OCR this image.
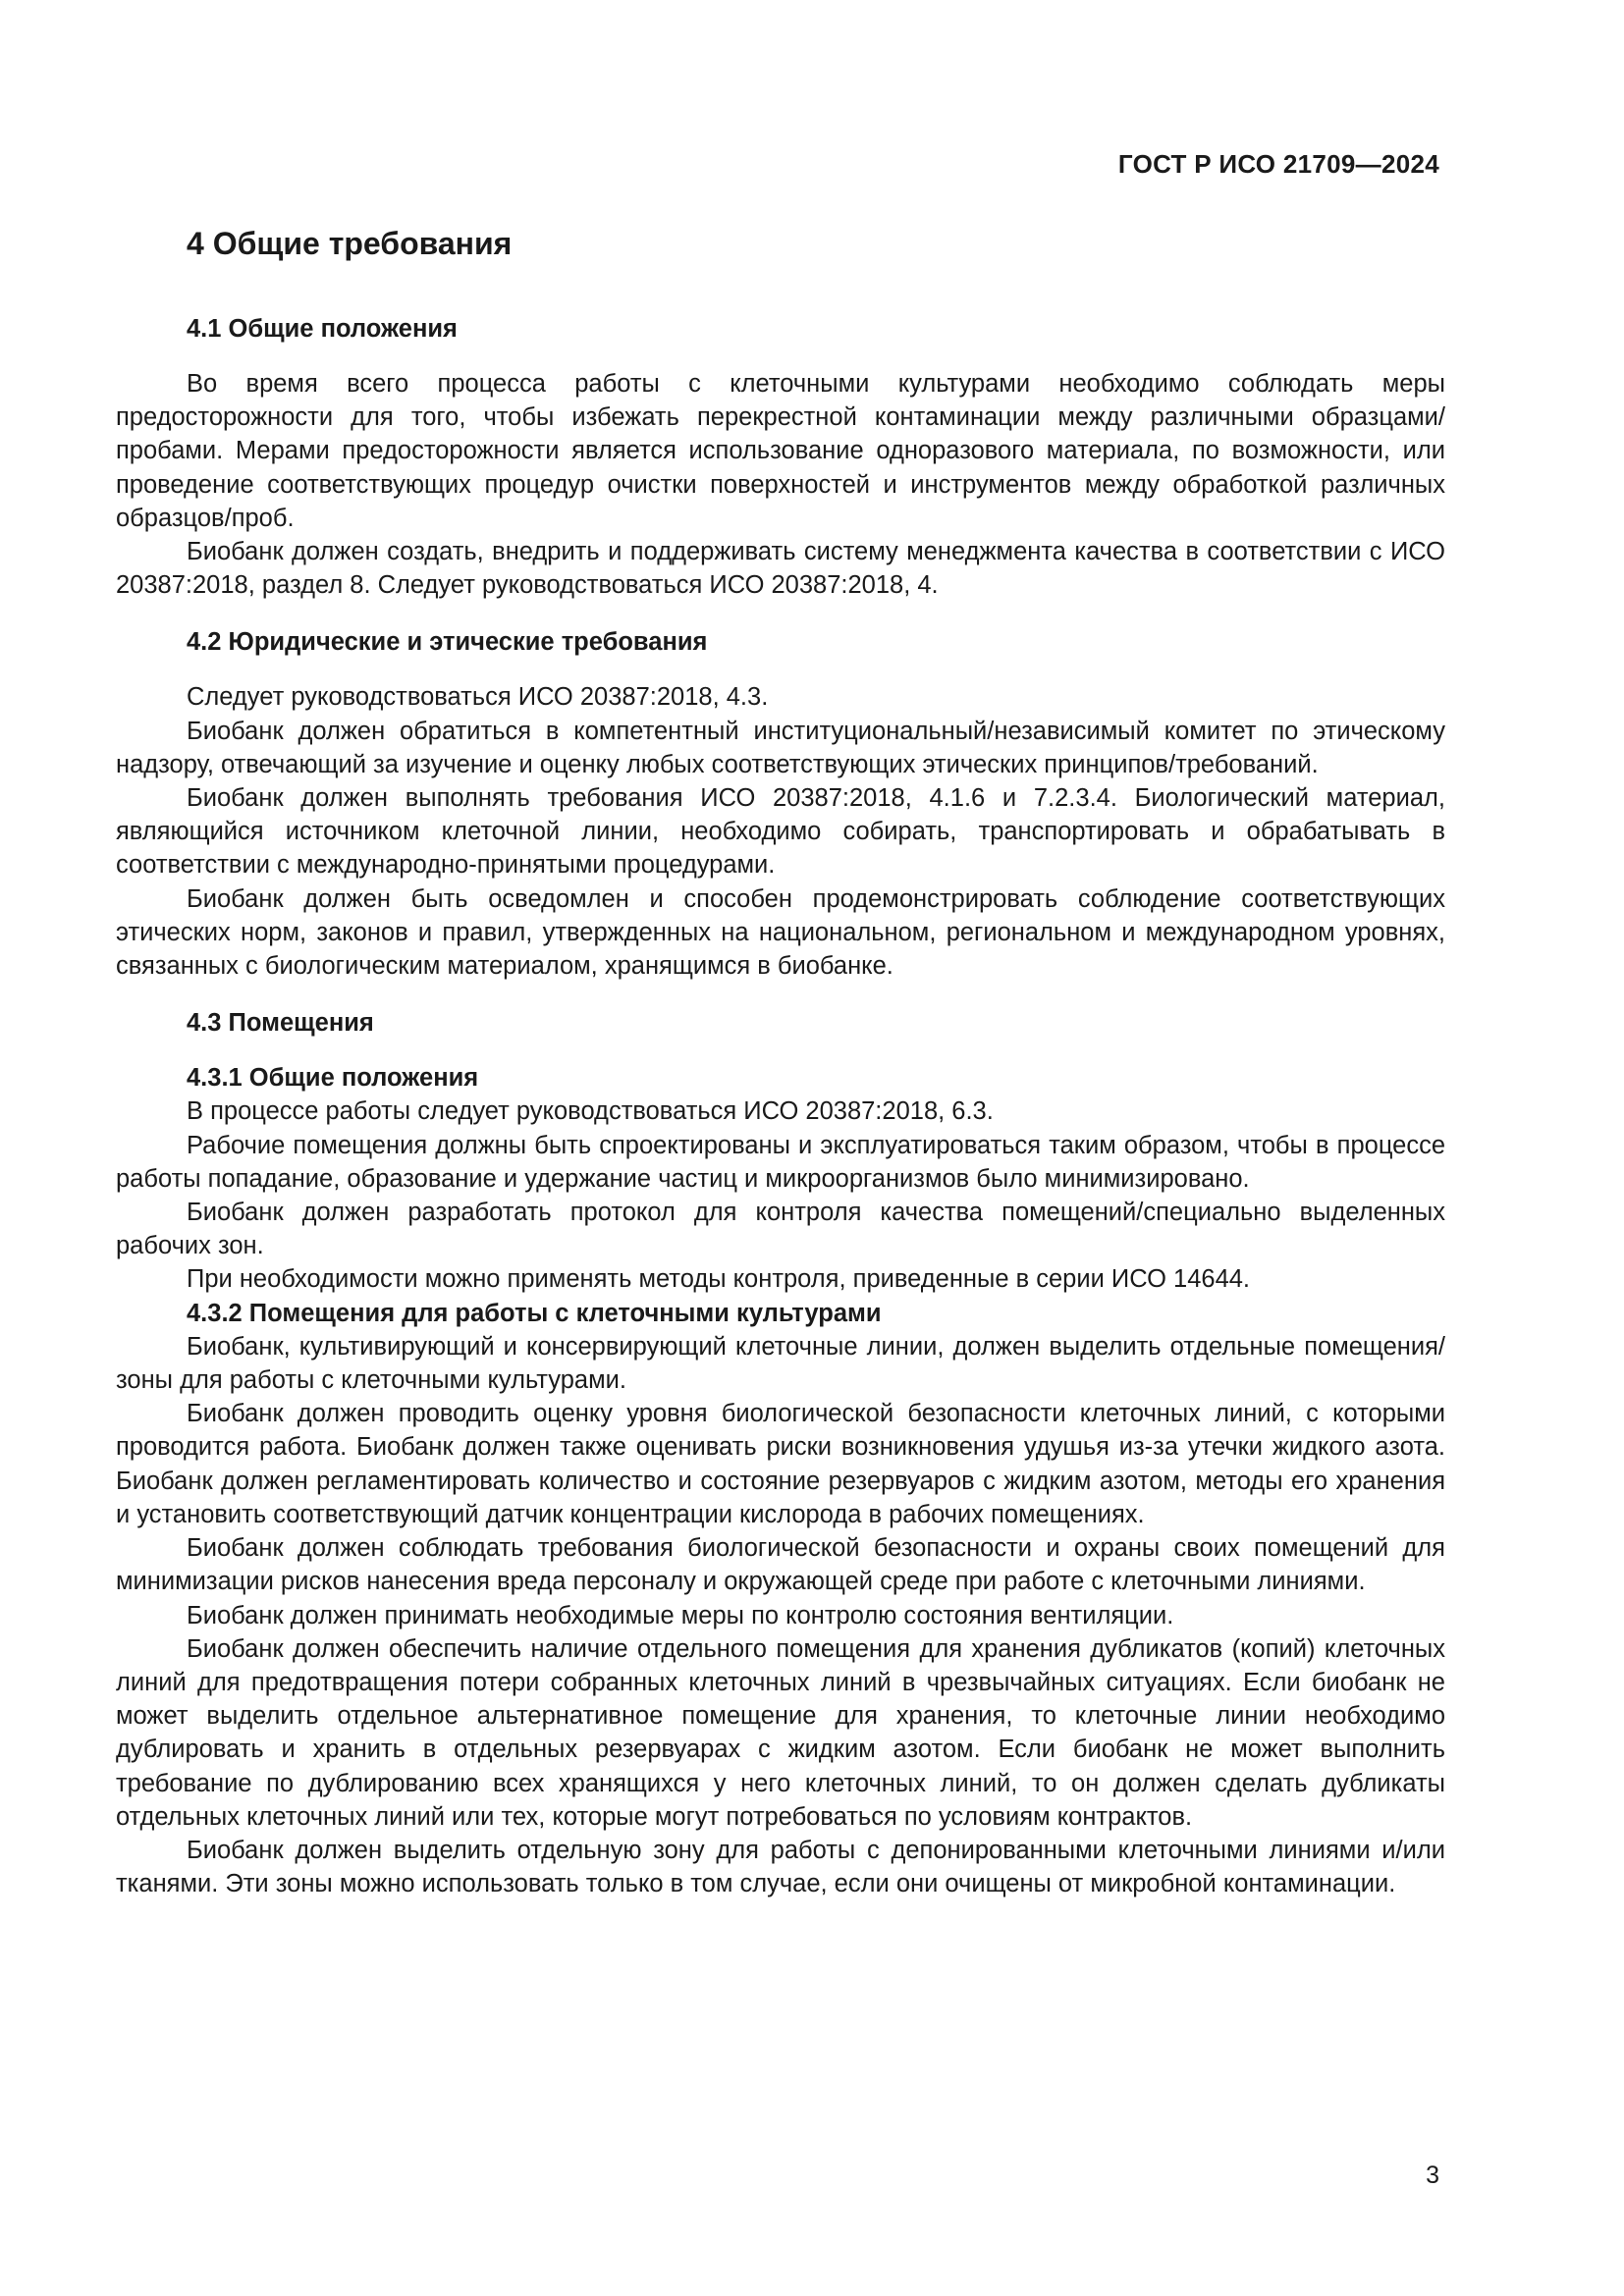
ГОСТ Р ИСО 21709—2024
4 Общие требования
4.1 Общие положения

Во время всего процесса работы с клеточными культурами необходимо соблюдать меры предосторожности для того, чтобы избежать перекрестной контаминации между различными образцами/пробами. Мерами предосторожности является использование одноразового материала, по возможности, или проведение соответствующих процедур очистки поверхностей и инструментов между обработкой различных образцов/проб.

Биобанк должен создать, внедрить и поддерживать систему менеджмента качества в соответствии с ИСО 20387:2018, раздел 8. Следует руководствоваться ИСО 20387:2018, 4.

4.2 Юридические и этические требования

Следует руководствоваться ИСО 20387:2018, 4.3.

Биобанк должен обратиться в компетентный институциональный/независимый комитет по этическому надзору, отвечающий за изучение и оценку любых соответствующих этических принципов/требований.

Биобанк должен выполнять требования ИСО 20387:2018, 4.1.6 и 7.2.3.4. Биологический материал, являющийся источником клеточной линии, необходимо собирать, транспортировать и обрабатывать в соответствии с международно-принятыми процедурами.

Биобанк должен быть осведомлен и способен продемонстрировать соблюдение соответствующих этических норм, законов и правил, утвержденных на национальном, региональном и международном уровнях, связанных с биологическим материалом, хранящимся в биобанке.

4.3 Помещения
4.3.1 Общие положения

В процессе работы следует руководствоваться ИСО 20387:2018, 6.3.

Рабочие помещения должны быть спроектированы и эксплуатироваться таким образом, чтобы в процессе работы попадание, образование и удержание частиц и микроорганизмов было минимизировано.

Биобанк должен разработать протокол для контроля качества помещений/специально выделенных рабочих зон.

При необходимости можно применять методы контроля, приведенные в серии ИСО 14644.

4.3.2 Помещения для работы с клеточными культурами

Биобанк, культивирующий и консервирующий клеточные линии, должен выделить отдельные помещения/зоны для работы с клеточными культурами.

Биобанк должен проводить оценку уровня биологической безопасности клеточных линий, с которыми проводится работа. Биобанк должен также оценивать риски возникновения удушья из-за утечки жидкого азота. Биобанк должен регламентировать количество и состояние резервуаров с жидким азотом, методы его хранения и установить соответствующий датчик концентрации кислорода в рабочих помещениях.

Биобанк должен соблюдать требования биологической безопасности и охраны своих помещений для минимизации рисков нанесения вреда персоналу и окружающей среде при работе с клеточными линиями.

Биобанк должен принимать необходимые меры по контролю состояния вентиляции.

Биобанк должен обеспечить наличие отдельного помещения для хранения дубликатов (копий) клеточных линий для предотвращения потери собранных клеточных линий в чрезвычайных ситуациях. Если биобанк не может выделить отдельное альтернативное помещение для хранения, то клеточные линии необходимо дублировать и хранить в отдельных резервуарах с жидким азотом. Если биобанк не может выполнить требование по дублированию всех хранящихся у него клеточных линий, то он должен сделать дубликаты отдельных клеточных линий или тех, которые могут потребоваться по условиям контрактов.

Биобанк должен выделить отдельную зону для работы с депонированными клеточными линиями и/или тканями. Эти зоны можно использовать только в том случае, если они очищены от микробной контаминации.

3
